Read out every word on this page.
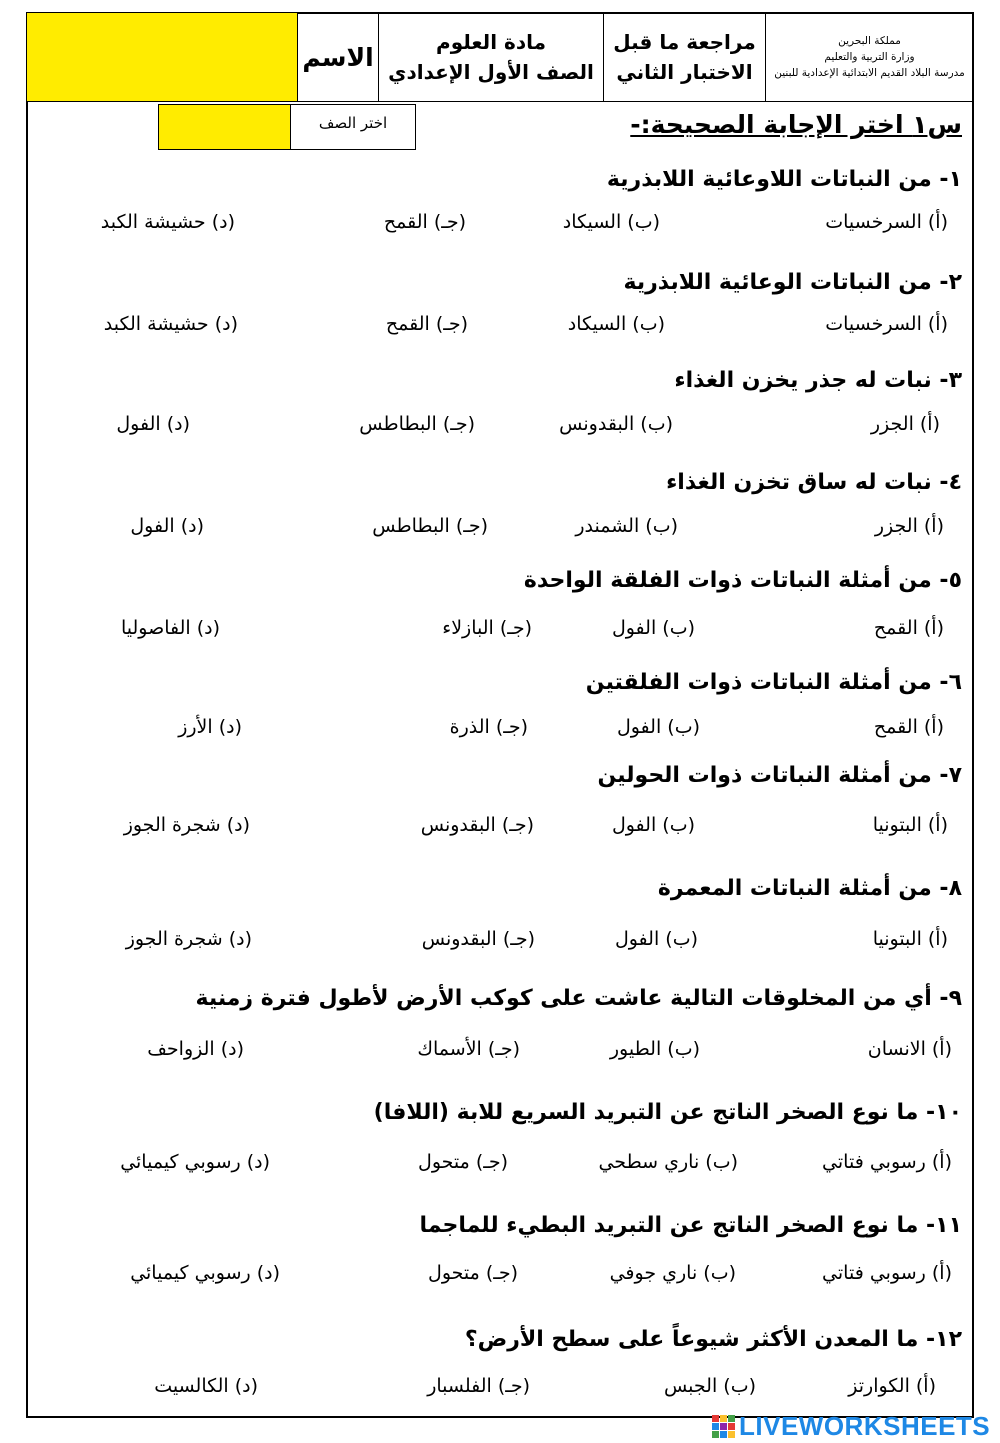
الاسم
مادة العلوم
الصف الأول الإعدادي
مراجعة ما قبل
الاختبار الثاني
مملكة البحرين
وزارة التربية والتعليم
مدرسة البلاد القديم الابتدائية الإعدادية للبنين
اختر الصف	س١ اختر الإجابة الصحيحة:-
١- من النباتات اللاوعائية اللابذرية
(أ) السرخسيات
(ب) السيكاد
(جـ) القمح
(د) حشيشة الكبد
٢- من النباتات الوعائية اللابذرية
(أ) السرخسيات
(ب) السيكاد
(جـ) القمح
(د) حشيشة الكبد
٣- نبات له جذر يخزن الغذاء
(أ) الجزر
(ب) البقدونس
(جـ) البطاطس
(د) الفول
٤- نبات له ساق تخزن الغذاء
(أ) الجزر
(ب) الشمندر
(جـ) البطاطس
(د) الفول
٥- من أمثلة النباتات ذوات الفلقة الواحدة
(أ) القمح
(ب) الفول
(جـ) البازلاء
(د) الفاصوليا
٦- من أمثلة النباتات ذوات الفلقتين
(أ) القمح
(ب) الفول
(جـ) الذرة
(د) الأرز
٧- من أمثلة النباتات ذوات الحولين
(أ) البتونيا
(ب) الفول
(جـ) البقدونس
(د) شجرة الجوز
٨- من أمثلة النباتات المعمرة
(أ) البتونيا
(ب) الفول
(جـ) البقدونس
(د) شجرة الجوز
٩- أي من المخلوقات التالية عاشت على كوكب الأرض لأطول فترة زمنية
(أ) الانسان
(ب) الطيور
(جـ) الأسماك
(د) الزواحف
١٠- ما نوع الصخر الناتج عن التبريد السريع للابة (اللافا)
(أ) رسوبي فتاتي
(ب) ناري سطحي
(جـ) متحول
(د) رسوبي كيميائي
١١- ما نوع الصخر الناتج عن التبريد البطيء للماجما
(أ) رسوبي فتاتي
(ب) ناري جوفي
(جـ) متحول
(د) رسوبي كيميائي
١٢- ما المعدن الأكثر شيوعاً على سطح الأرض؟
(أ) الكوارتز
(ب) الجبس
(جـ) الفلسبار
(د) الكالسيت
LIVEWORKSHEETS
